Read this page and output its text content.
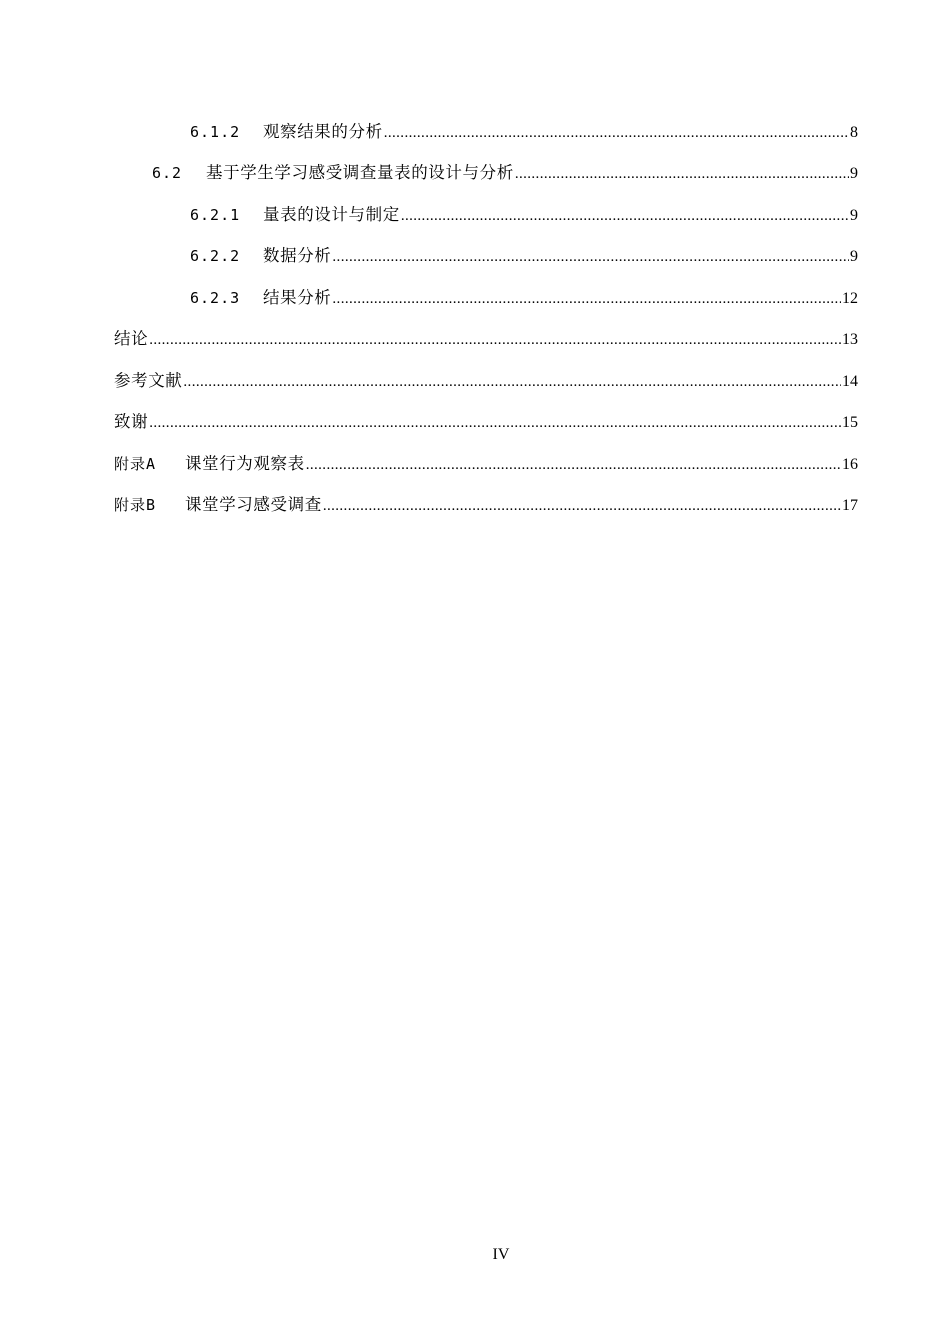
6.1.2	观察结果的分析 .....	8
6.2	基于学生学习感受调查量表的设计与分析 .....	9
6.2.1	量表的设计与制定 .....	9
6.2.2	数据分析 .....	9
6.2.3	结果分析 .....	12
结论 .....	13
参考文献 .....	14
致谢 .....	15
附录A	课堂行为观察表 .....	16
附录B	课堂学习感受调查 .....	17
IV
